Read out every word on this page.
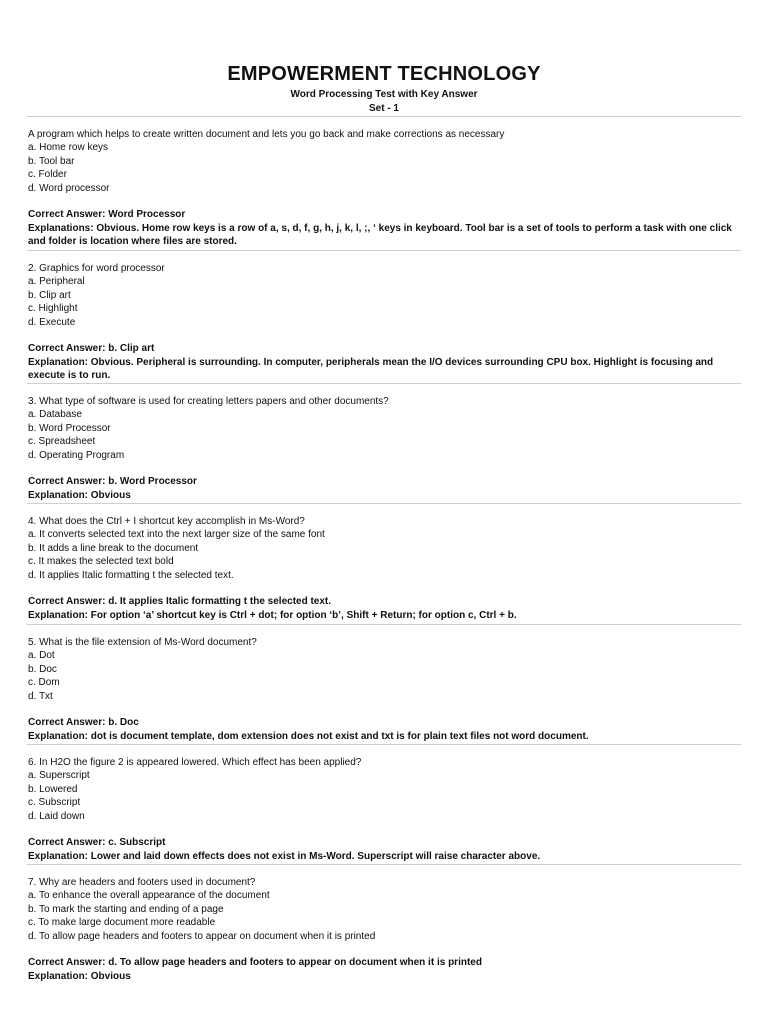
EMPOWERMENT TECHNOLOGY
Word Processing Test with Key Answer
Set - 1
A program which helps to create written document and lets you go back and make corrections as necessary
a. Home row keys
b. Tool bar
c. Folder
d. Word processor
Correct Answer: Word Processor
Explanations: Obvious. Home row keys is a row of a, s, d, f, g, h, j, k, l, ;, ‘ keys in keyboard. Tool bar is a set of tools to perform a task with one click and folder is location where files are stored.
2. Graphics for word processor
a. Peripheral
b. Clip art
c. Highlight
d. Execute
Correct Answer: b. Clip art
Explanation: Obvious. Peripheral is surrounding. In computer, peripherals mean the I/O devices surrounding CPU box. Highlight is focusing and execute is to run.
3. What type of software is used for creating letters papers and other documents?
a. Database
b. Word Processor
c. Spreadsheet
d. Operating Program
Correct Answer: b. Word Processor
Explanation: Obvious
4. What does the Ctrl + I shortcut key accomplish in Ms-Word?
a. It converts selected text into the next larger size of the same font
b. It adds a line break to the document
c. It makes the selected text bold
d. It applies Italic formatting t the selected text.
Correct Answer: d. It applies Italic formatting t the selected text.
Explanation: For option ‘a’ shortcut key is Ctrl + dot; for option ‘b’, Shift + Return; for option c, Ctrl + b.
5. What is the file extension of Ms-Word document?
a. Dot
b. Doc
c. Dom
d. Txt
Correct Answer: b. Doc
Explanation: dot is document template, dom extension does not exist and txt is for plain text files not word document.
6. In H2O the figure 2 is appeared lowered. Which effect has been applied?
a. Superscript
b. Lowered
c. Subscript
d. Laid down
Correct Answer: c. Subscript
Explanation: Lower and laid down effects does not exist in Ms-Word. Superscript will raise character above.
7. Why are headers and footers used in document?
a. To enhance the overall appearance of the document
b. To mark the starting and ending of a page
c. To make large document more readable
d. To allow page headers and footers to appear on document when it is printed
Correct Answer: d. To allow page headers and footers to appear on document when it is printed
Explanation: Obvious
